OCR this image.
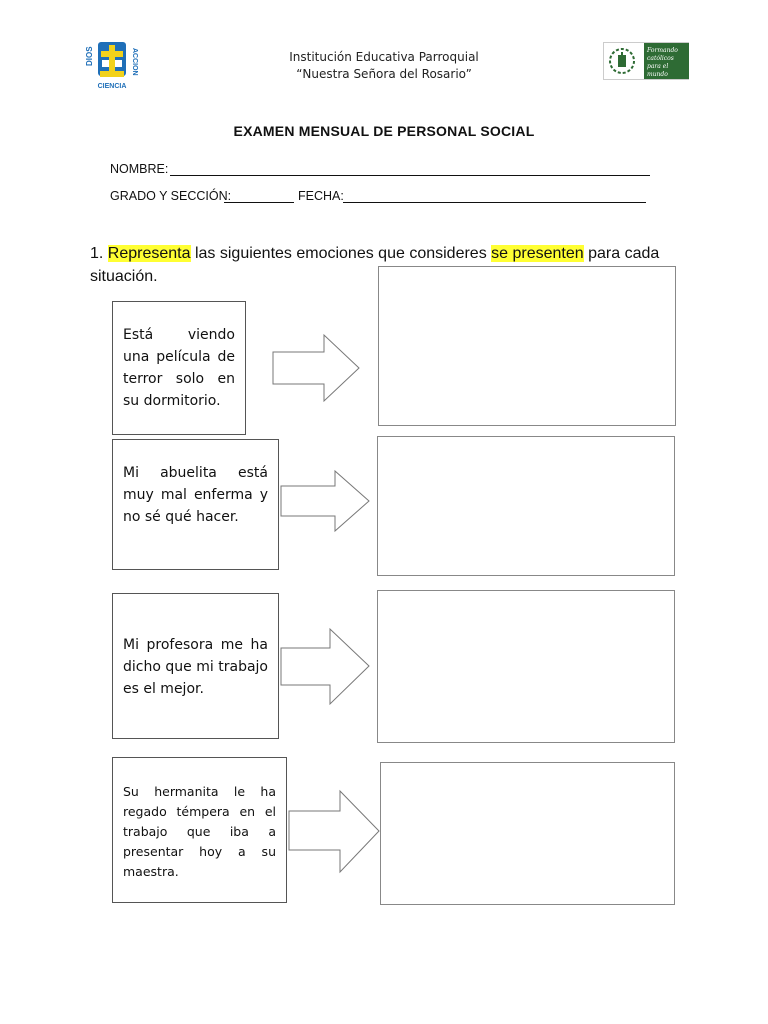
DIOS	ACCION
CIENCIA
Institución Educativa Parroquial
“Nuestra Señora del Rosario”
Formando católicos para el mundo
EXAMEN MENSUAL DE PERSONAL SOCIAL
NOMBRE:
GRADO Y SECCIÓN:	FECHA:
1. Representa las siguientes emociones que consideres se presenten para cada situación.
Está viendo una película de terror solo en su dormitorio.
Mi abuelita está muy mal enferma y no sé qué hacer.
Mi profesora me ha dicho que mi trabajo es el mejor.
Su hermanita le ha regado témpera en el trabajo que iba a presentar hoy a su maestra.
